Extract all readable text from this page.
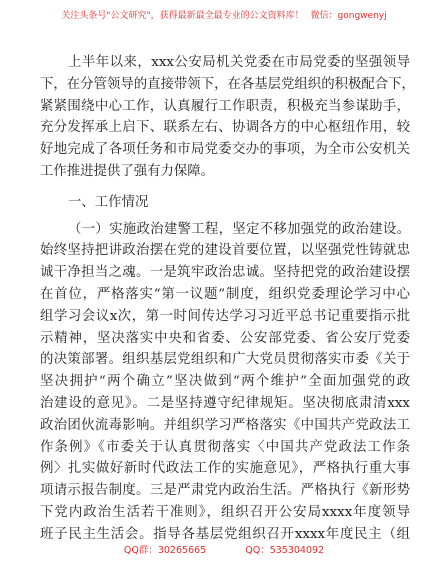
关注头条号"公文研究"，获得最新最全最专业的公文资料库！ 微信：gongwenyj
上半年以来，xxx公安局机关党委在市局党委的坚强领导
下，在分管领导的直接带领下，在各基层党组织的积极配合下，
紧紧围绕中心工作，认真履行工作职责，积极充当参谋助手，
充分发挥承上启下、联系左右、协调各方的中心枢纽作用，较
好地完成了各项任务和市局党委交办的事项，为全市公安机关
工作推进提供了强有力保障。
一、工作情况
（一）实施政治建警工程，坚定不移加强党的政治建设。
始终坚持把讲政治摆在党的建设首要位置，以坚强党性铸就忠
诚干净担当之魂。一是筑牢政治忠诚。坚持把党的政治建设摆
在首位，严格落实“第一议题”制度，组织党委理论学习中心
组学习会议x次，第一时间传达学习习近平总书记重要指示批
示精神，坚决落实中央和省委、公安部党委、省公安厅党委
的决策部署。组织基层党组织和广大党员贯彻落实市委《关于
坚决拥护“两个确立”坚决做到“两个维护”全面加强党的政
治建设的意见》。二是坚持遵守纪律规矩。坚决彻底肃清xxx
政治团伙流毒影响。并组织学习严格落实《中国共产党政法工
作条例》《市委关于认真贯彻落实〈中国共产党政法工作条
例〉扎实做好新时代政法工作的实施意见》，严格执行重大事
项请示报告制度。三是严肃党内政治生活。严格执行《新形势
下党内政治生活若干准则》，组织召开公安局xxxx年度领导
班子民主生活会。指导各基层党组织召开xxxx年度民主（组
QQ群：30265665	QQ：535304092
